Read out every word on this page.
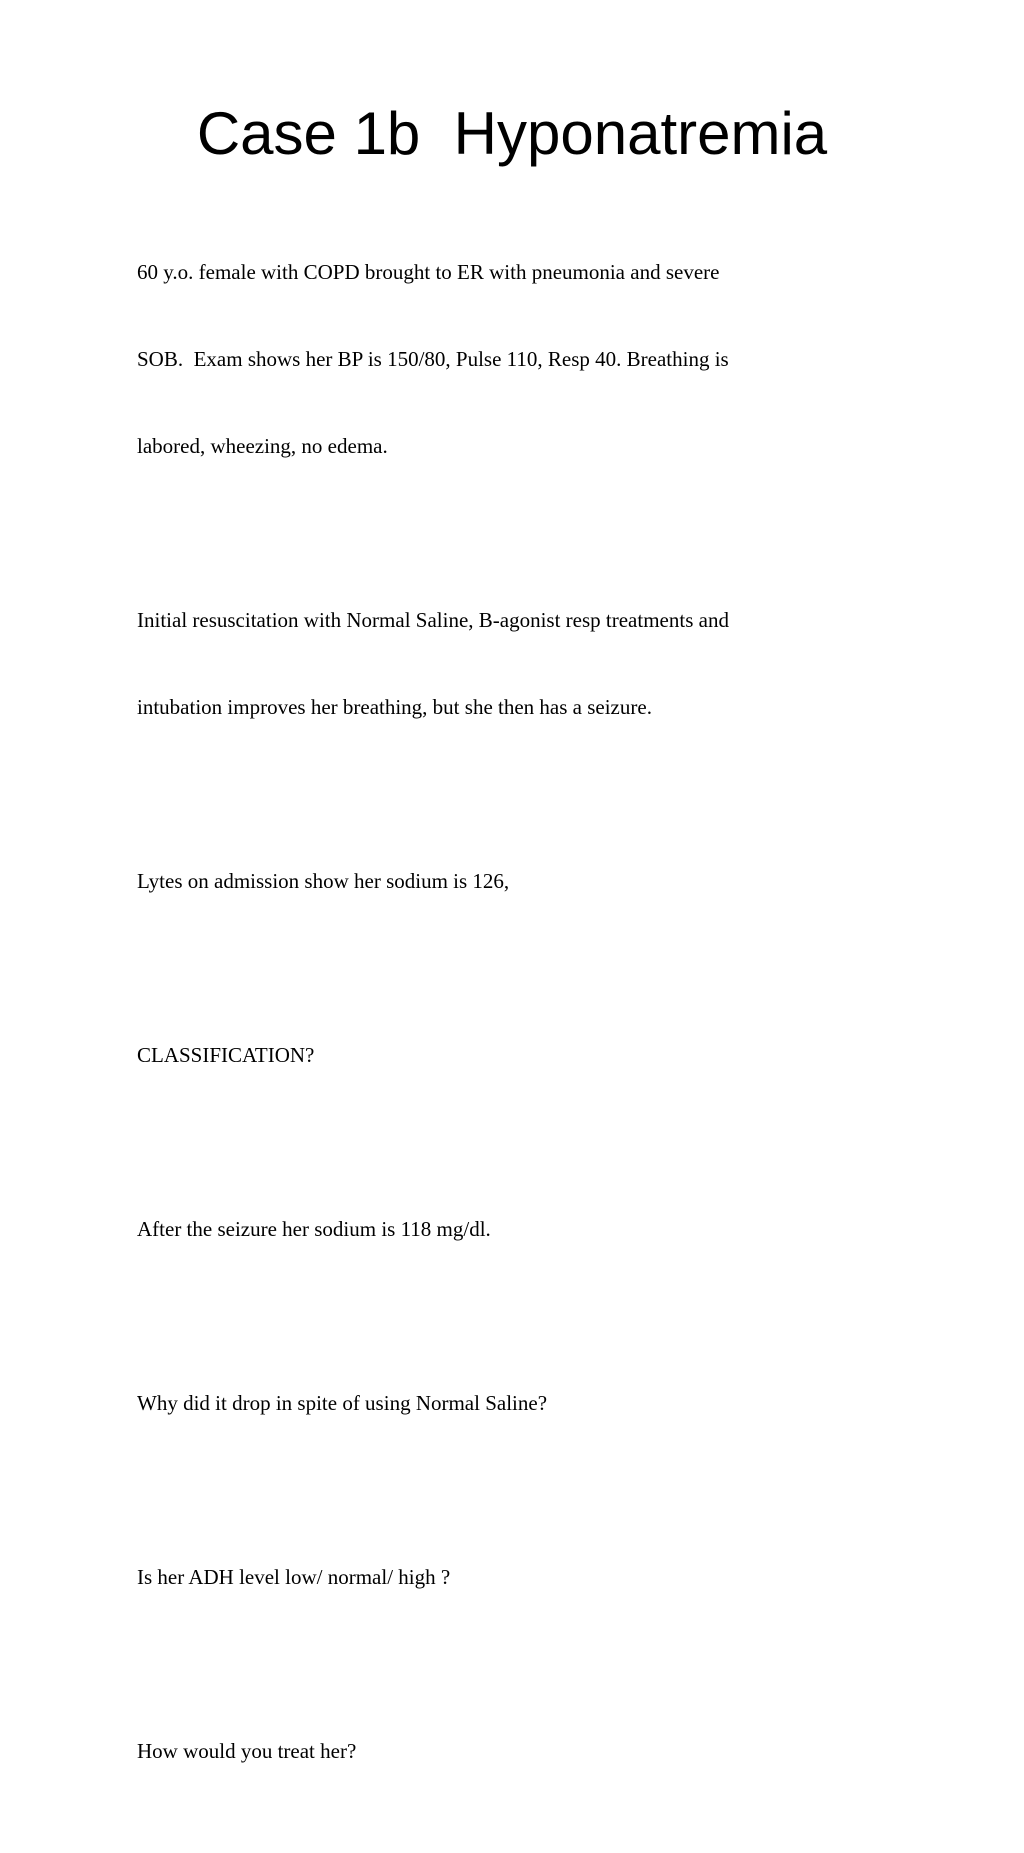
Case 1b  Hyponatremia

60 y.o. female with COPD brought to ER with pneumonia and severe

SOB.  Exam shows her BP is 150/80, Pulse 110, Resp 40. Breathing is

labored, wheezing, no edema.

Initial resuscitation with Normal Saline, B-agonist resp treatments and

intubation improves her breathing, but she then has a seizure.

Lytes on admission show her sodium is 126,

CLASSIFICATION?

After the seizure her sodium is 118 mg/dl.

Why did it drop in spite of using Normal Saline?

Is her ADH level low/ normal/ high ?

How would you treat her?
